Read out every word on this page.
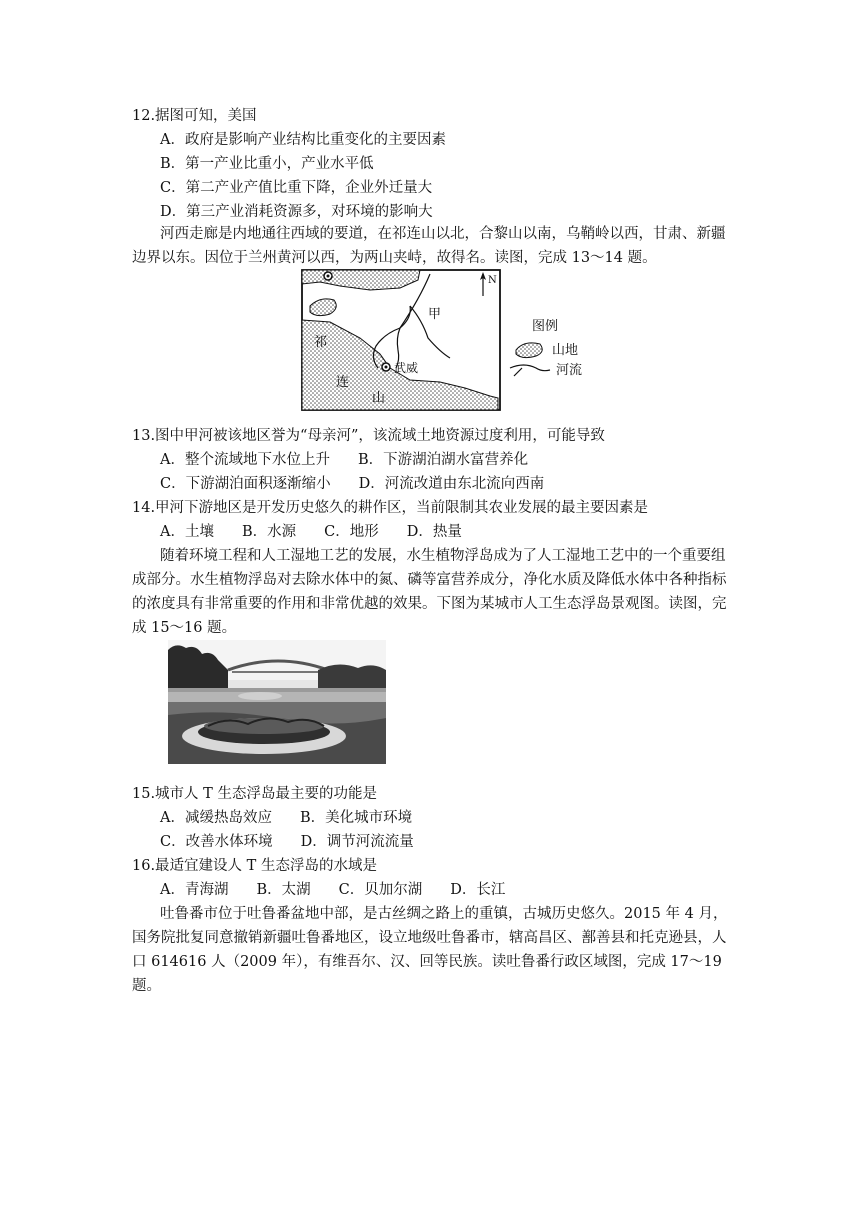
12.据图可知，美国
A．政府是影响产业结构比重变化的主要因素
B．第一产业比重小，产业水平低
C．第二产业产值比重下降，企业外迁量大
D．第三产业消耗资源多，对环境的影响大
河西走廊是内地通往西域的要道，在祁连山以北，合黎山以南，乌鞘岭以西，甘肃、新疆边界以东。因位于兰州黄河以西，为两山夹峙，故得名。读图，完成 13～14 题。
N
甲
武威
祁
连
山
图例
山地
河流
13.图中甲河被该地区誉为“母亲河”，该流域土地资源过度利用，可能导致
A．整个流域地下水位上升 B．下游湖泊湖水富营养化
C．下游湖泊面积逐渐缩小 D．河流改道由东北流向西南
14.甲河下游地区是开发历史悠久的耕作区，当前限制其农业发展的最主要因素是
A．土壤 B．水源 C．地形 D．热量
随着环境工程和人工湿地工艺的发展，水生植物浮岛成为了人工湿地工艺中的一个重要组成部分。水生植物浮岛对去除水体中的氮、磷等富营养成分，净化水质及降低水体中各种指标的浓度具有非常重要的作用和非常优越的效果。下图为某城市人工生态浮岛景观图。读图，完成 15～16 题。
15.城市人 T 生态浮岛最主要的功能是
A．减缓热岛效应 B．美化城市环境
C．改善水体环境 D．调节河流流量
16.最适宜建设人 T 生态浮岛的水域是
A．青海湖 B．太湖 C．贝加尔湖 D．长江
吐鲁番市位于吐鲁番盆地中部，是古丝绸之路上的重镇，古城历史悠久。2015 年 4 月，国务院批复同意撤销新疆吐鲁番地区，设立地级吐鲁番市，辖高昌区、鄯善县和托克逊县，人口 614616 人（2009 年），有维吾尔、汉、回等民族。读吐鲁番行政区域图，完成 17～19 题。
